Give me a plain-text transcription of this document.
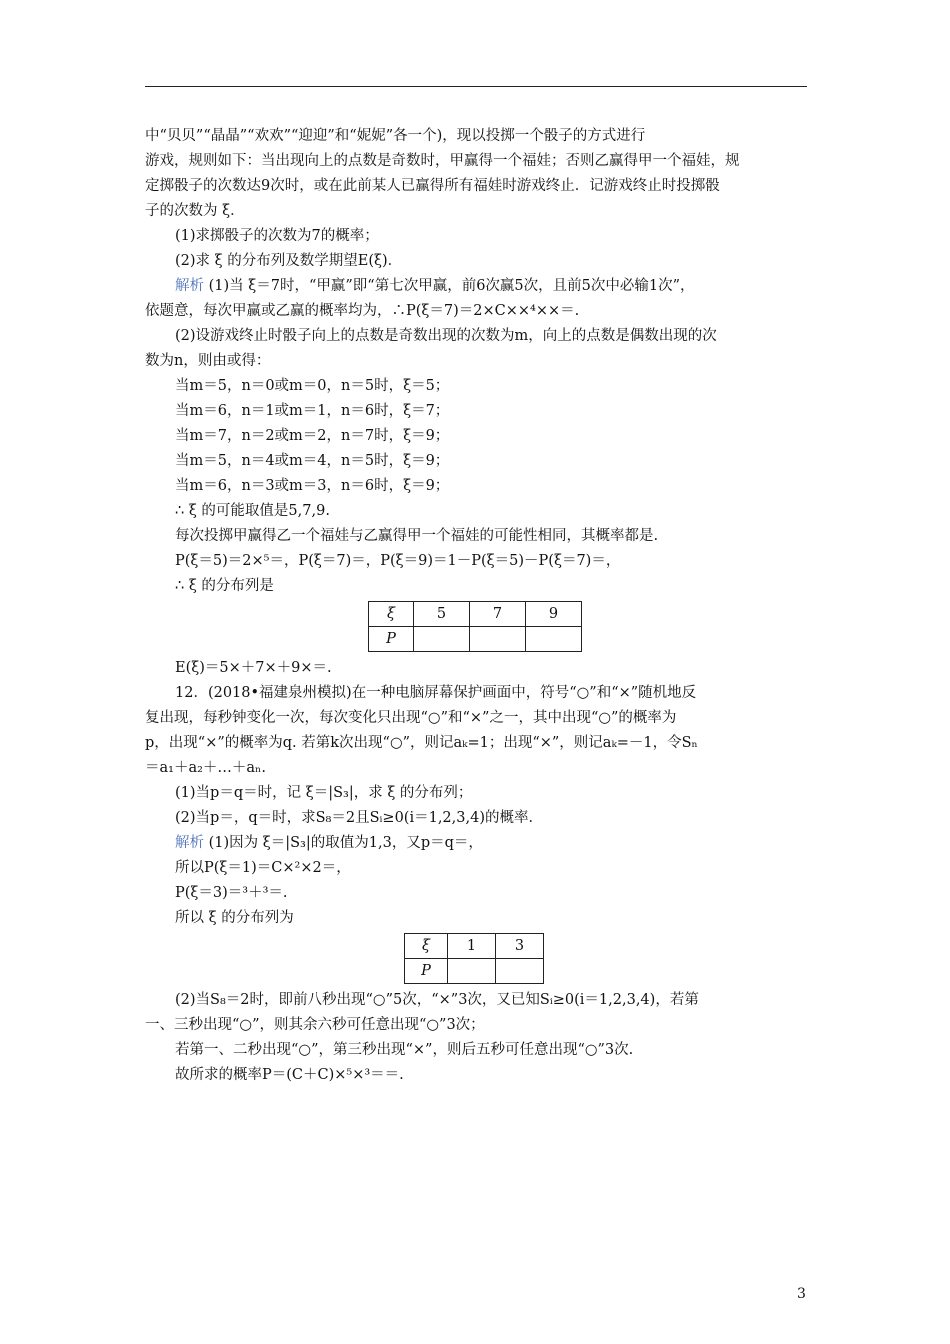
中“贝贝”“晶晶”“欢欢”“迎迎”和“妮妮”各一个)，现以投掷一个骰子的方式进行
游戏，规则如下：当出现向上的点数是奇数时，甲赢得一个福娃；否则乙赢得甲一个福娃，规
定掷骰子的次数达9次时，或在此前某人已赢得所有福娃时游戏终止．记游戏终止时投掷骰
子的次数为 ξ．
(1)求掷骰子的次数为7的概率；
(2)求 ξ 的分布列及数学期望E(ξ)．
解析 (1)当 ξ＝7时，“甲赢”即“第七次甲赢，前6次赢5次，且前5次中必输1次”，
依题意，每次甲赢或乙赢的概率均为，∴P(ξ＝7)＝2×C××⁴××＝.
(2)设游戏终止时骰子向上的点数是奇数出现的次数为m，向上的点数是偶数出现的次
数为n，则由或得：
当m＝5，n＝0或m＝0，n＝5时，ξ＝5；
当m＝6，n＝1或m＝1，n＝6时，ξ＝7；
当m＝7，n＝2或m＝2，n＝7时，ξ＝9；
当m＝5，n＝4或m＝4，n＝5时，ξ＝9；
当m＝6，n＝3或m＝3，n＝6时，ξ＝9；
∴ ξ 的可能取值是5,7,9.
每次投掷甲赢得乙一个福娃与乙赢得甲一个福娃的可能性相同，其概率都是.
P(ξ＝5)＝2×⁵＝，P(ξ＝7)＝，P(ξ＝9)＝1－P(ξ＝5)－P(ξ＝7)＝，
∴ ξ 的分布列是
ξ	5	7	9
P			
E(ξ)＝5×＋7×＋9×＝.
12．(2018•福建泉州模拟)在一种电脑屏幕保护画面中，符号“○”和“×”随机地反
复出现，每秒钟变化一次，每次变化只出现“○”和“×”之一，其中出现“○”的概率为
p，出现“×”的概率为q. 若第k次出现“○”，则记aₖ=1；出现“×”，则记aₖ=－1，令Sₙ
＝a₁＋a₂＋…＋aₙ.
(1)当p＝q＝时，记 ξ＝|S₃|，求 ξ 的分布列；
(2)当p＝，q＝时，求S₈＝2且Sᵢ≥0(i＝1,2,3,4)的概率．
解析 (1)因为 ξ＝|S₃|的取值为1,3，又p＝q＝，
所以P(ξ＝1)＝C×²×2＝，
P(ξ＝3)＝³＋³＝.
所以 ξ 的分布列为
ξ	1	3
P		
(2)当S₈＝2时，即前八秒出现“○”5次，“×”3次，又已知Sᵢ≥0(i＝1,2,3,4)，若第
一、三秒出现“○”，则其余六秒可任意出现“○”3次；
若第一、二秒出现“○”，第三秒出现“×”，则后五秒可任意出现“○”3次.
故所求的概率P＝(C＋C)×⁵×³＝＝.
3
